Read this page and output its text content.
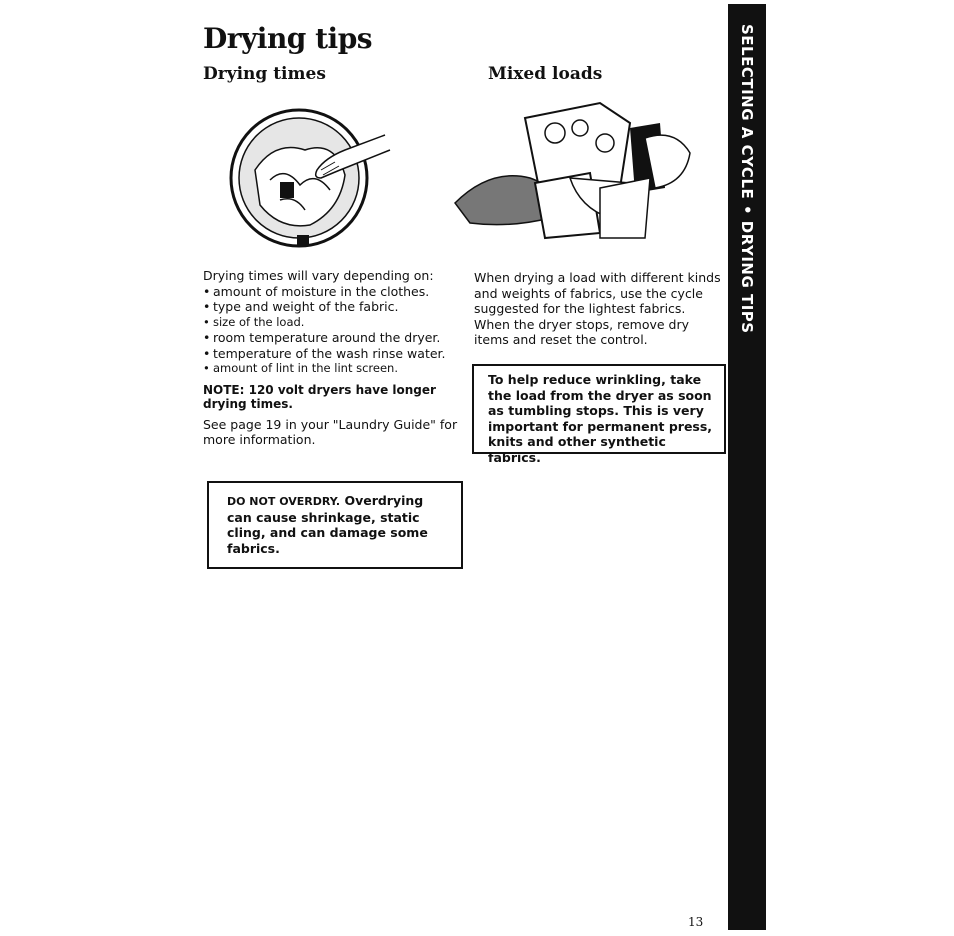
Drying tips
Drying times
Drying times will vary depending on:
• amount of moisture in the clothes.
• type and weight of the fabric.
• size of the load.
• room temperature around the dryer.
• temperature of the wash rinse water.
• amount of lint in the lint screen.
NOTE: 120 volt dryers have longer drying times.
See page 19 in your "Laundry Guide" for more information.
DO NOT OVERDRY. Overdrying can cause shrinkage, static cling, and can damage some fabrics.
Mixed loads
When drying a load with different kinds and weights of fabrics, use the cycle suggested for the lightest fabrics. When the dryer stops, remove dry items and reset the control.
To help reduce wrinkling, take the load from the dryer as soon as tumbling stops. This is very important for permanent press, knits and other synthetic fabrics.
SELECTING A CYCLE • DRYING TIPS
13
